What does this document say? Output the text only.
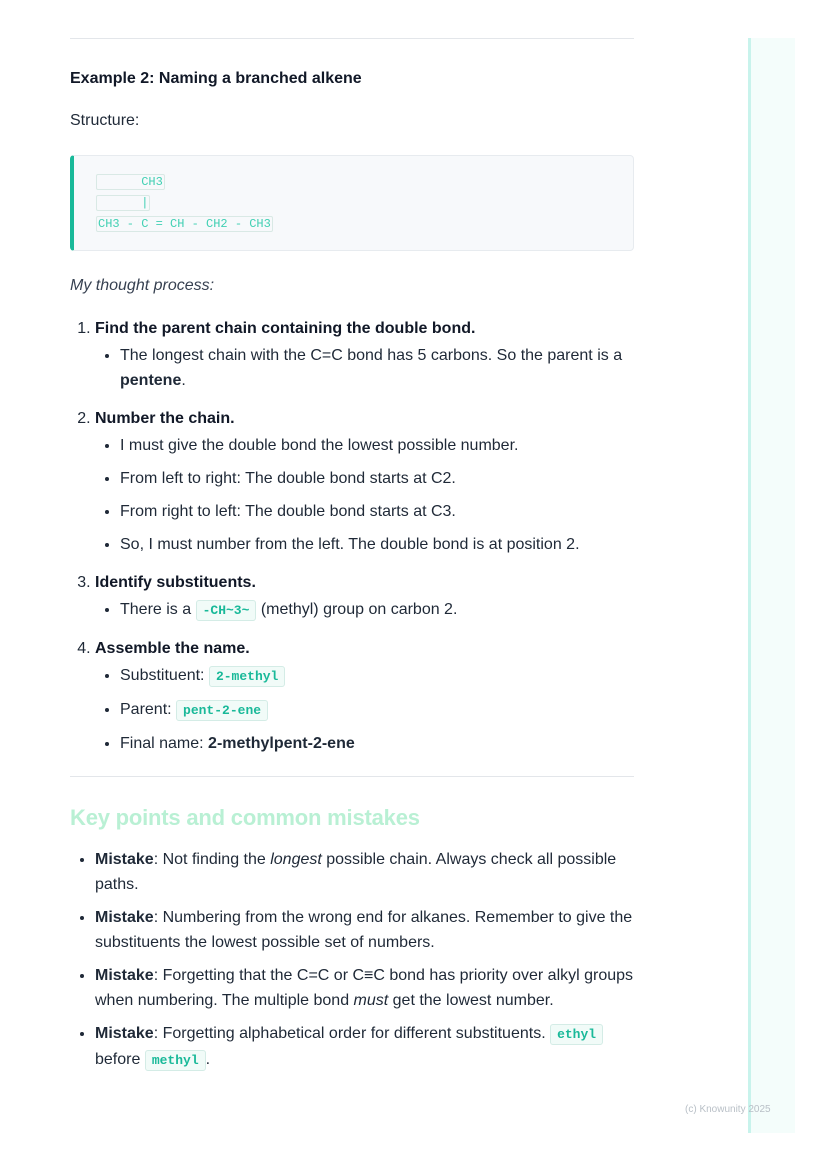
Example 2: Naming a branched alkene
Structure:
CH3
|
CH3 - C = CH - CH2 - CH3
My thought process:
1. Find the parent chain containing the double bond.
• The longest chain with the C=C bond has 5 carbons. So the parent is a pentene.
2. Number the chain.
• I must give the double bond the lowest possible number.
• From left to right: The double bond starts at C2.
• From right to left: The double bond starts at C3.
• So, I must number from the left. The double bond is at position 2.
3. Identify substituents.
• There is a -CH~3~ (methyl) group on carbon 2.
4. Assemble the name.
• Substituent: 2-methyl
• Parent: pent-2-ene
• Final name: 2-methylpent-2-ene
Key points and common mistakes
• Mistake: Not finding the longest possible chain. Always check all possible paths.
• Mistake: Numbering from the wrong end for alkanes. Remember to give the substituents the lowest possible set of numbers.
• Mistake: Forgetting that the C=C or C≡C bond has priority over alkyl groups when numbering. The multiple bond must get the lowest number.
• Mistake: Forgetting alphabetical order for different substituents. ethyl before methyl .
(c) Knowunity 2025
